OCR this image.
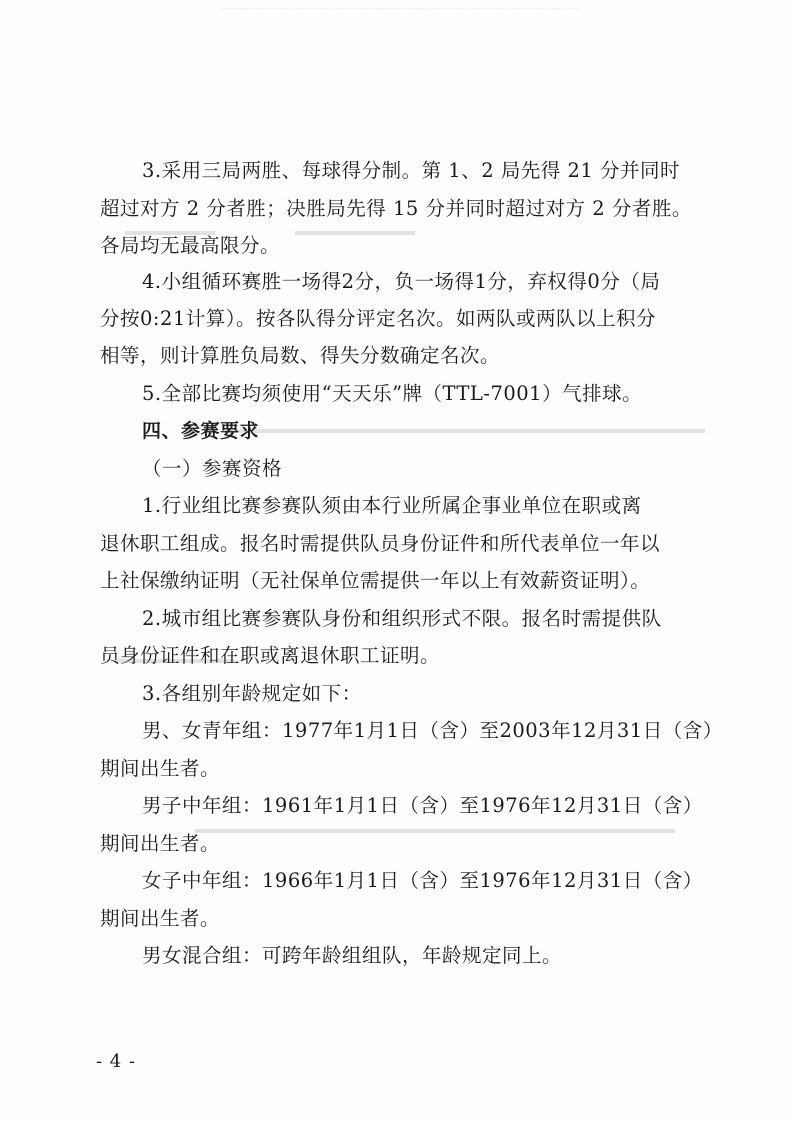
3.采用三局两胜、每球得分制。第 1、2 局先得 21 分并同时
超过对方 2 分者胜；决胜局先得 15 分并同时超过对方 2 分者胜。
各局均无最高限分。
4.小组循环赛胜一场得2分，负一场得1分，弃权得0分（局
分按0:21计算）。按各队得分评定名次。如两队或两队以上积分
相等，则计算胜负局数、得失分数确定名次。
5.全部比赛均须使用“天天乐”牌（TTL-7001）气排球。
四、参赛要求
（一）参赛资格
1.行业组比赛参赛队须由本行业所属企事业单位在职或离
退休职工组成。报名时需提供队员身份证件和所代表单位一年以
上社保缴纳证明（无社保单位需提供一年以上有效薪资证明）。
2.城市组比赛参赛队身份和组织形式不限。报名时需提供队
员身份证件和在职或离退休职工证明。
3.各组别年龄规定如下：
男、女青年组：1977年1月1日（含）至2003年12月31日（含）
期间出生者。
男子中年组：1961年1月1日（含）至1976年12月31日（含）
期间出生者。
女子中年组：1966年1月1日（含）至1976年12月31日（含）
期间出生者。
男女混合组：可跨年龄组组队，年龄规定同上。
- 4 -
